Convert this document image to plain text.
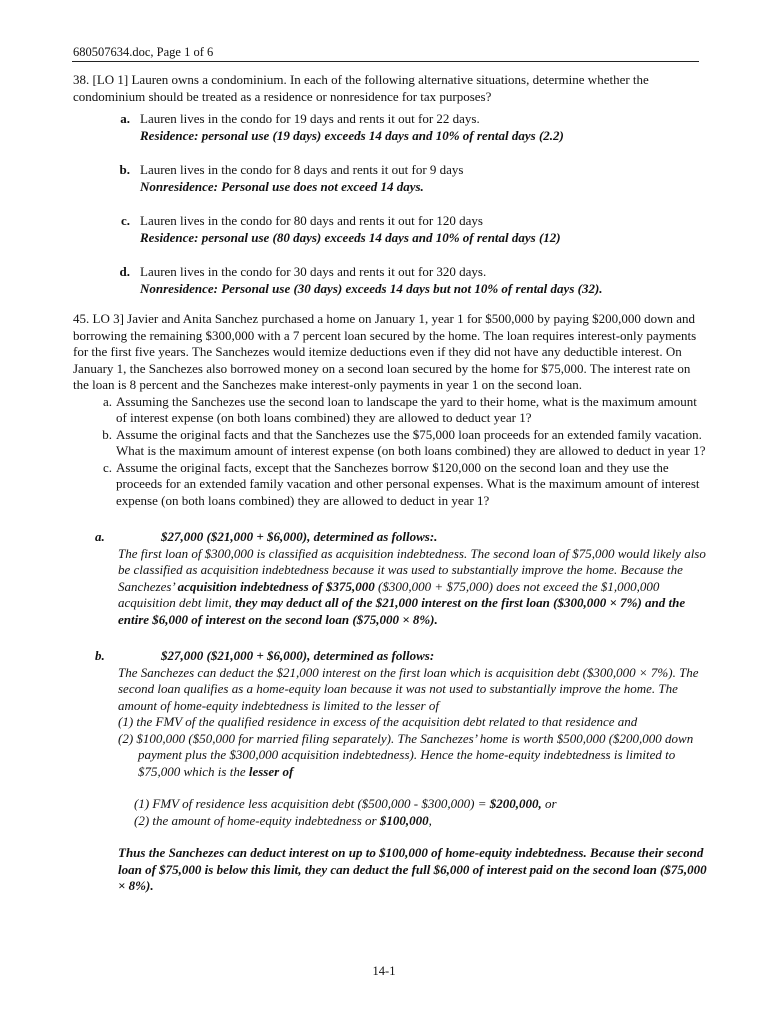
680507634.doc, Page 1 of 6

38. [LO 1] Lauren owns a condominium. In each of the following alternative situations, determine whether the condominium should be treated as a residence or nonresidence for tax purposes?

a. Lauren lives in the condo for 19 days and rents it out for 22 days.

Residence: personal use (19 days) exceeds 14 days and 10% of rental days (2.2)

b. Lauren lives in the condo for 8 days and rents it out for 9 days

Nonresidence: Personal use does not exceed 14 days.

c. Lauren lives in the condo for 80 days and rents it out for 120 days

Residence: personal use (80 days) exceeds 14 days and 10% of rental days (12)

d. Lauren lives in the condo for 30 days and rents it out for 320 days.

Nonresidence: Personal use (30 days) exceeds 14 days but not 10% of rental days (32).

45. LO 3] Javier and Anita Sanchez purchased a home on January 1, year 1 for $500,000 by paying $200,000 down and borrowing the remaining $300,000 with a 7 percent loan secured by the home. The loan requires interest-only payments for the first five years. The Sanchezes would itemize deductions even if they did not have any deductible interest. On January 1, the Sanchezes also borrowed money on a second loan secured by the home for $75,000. The interest rate on the loan is 8 percent and the Sanchezes make interest-only payments in year 1 on the second loan.

a. Assuming the Sanchezes use the second loan to landscape the yard to their home, what is the maximum amount of interest expense (on both loans combined) they are allowed to deduct year 1?
b. Assume the original facts and that the Sanchezes use the $75,000 loan proceeds for an extended family vacation. What is the maximum amount of interest expense (on both loans combined) they are allowed to deduct in year 1?
c. Assume the original facts, except that the Sanchezes borrow $120,000 on the second loan and they use the proceeds for an extended family vacation and other personal expenses. What is the maximum amount of interest expense (on both loans combined) they are allowed to deduct in year 1?
a.	$27,000 ($21,000 + $6,000), determined as follows:.

The first loan of $300,000 is classified as acquisition indebtedness. The second loan of $75,000 would likely also be classified as acquisition indebtedness because it was used to substantially improve the home. Because the Sanchezes’ acquisition indebtedness of $375,000 ($300,000 + $75,000) does not exceed the $1,000,000 acquisition debt limit, they may deduct all of the $21,000 interest on the first loan ($300,000 × 7%) and the entire $6,000 of interest on the second loan ($75,000 × 8%).

b.	$27,000 ($21,000 + $6,000), determined as follows:

The Sanchezes can deduct the $21,000 interest on the first loan which is acquisition debt ($300,000 × 7%). The second loan qualifies as a home-equity loan because it was not used to substantially improve the home. The amount of home-equity indebtedness is limited to the lesser of

(1) the FMV of the qualified residence in excess of the acquisition debt related to that residence and

(2) $100,000 ($50,000 for married filing separately). The Sanchezes’ home is worth $500,000 ($200,000 down payment plus the $300,000 acquisition indebtedness). Hence the home-equity indebtedness is limited to $75,000 which is the lesser of

(1) FMV of residence less acquisition debt ($500,000 - $300,000) = $200,000, or

(2) the amount of home-equity indebtedness or $100,000,

Thus the Sanchezes can deduct interest on up to $100,000 of home-equity indebtedness. Because their second loan of $75,000 is below this limit, they can deduct the full $6,000 of interest paid on the second loan ($75,000 × 8%).

14-1
